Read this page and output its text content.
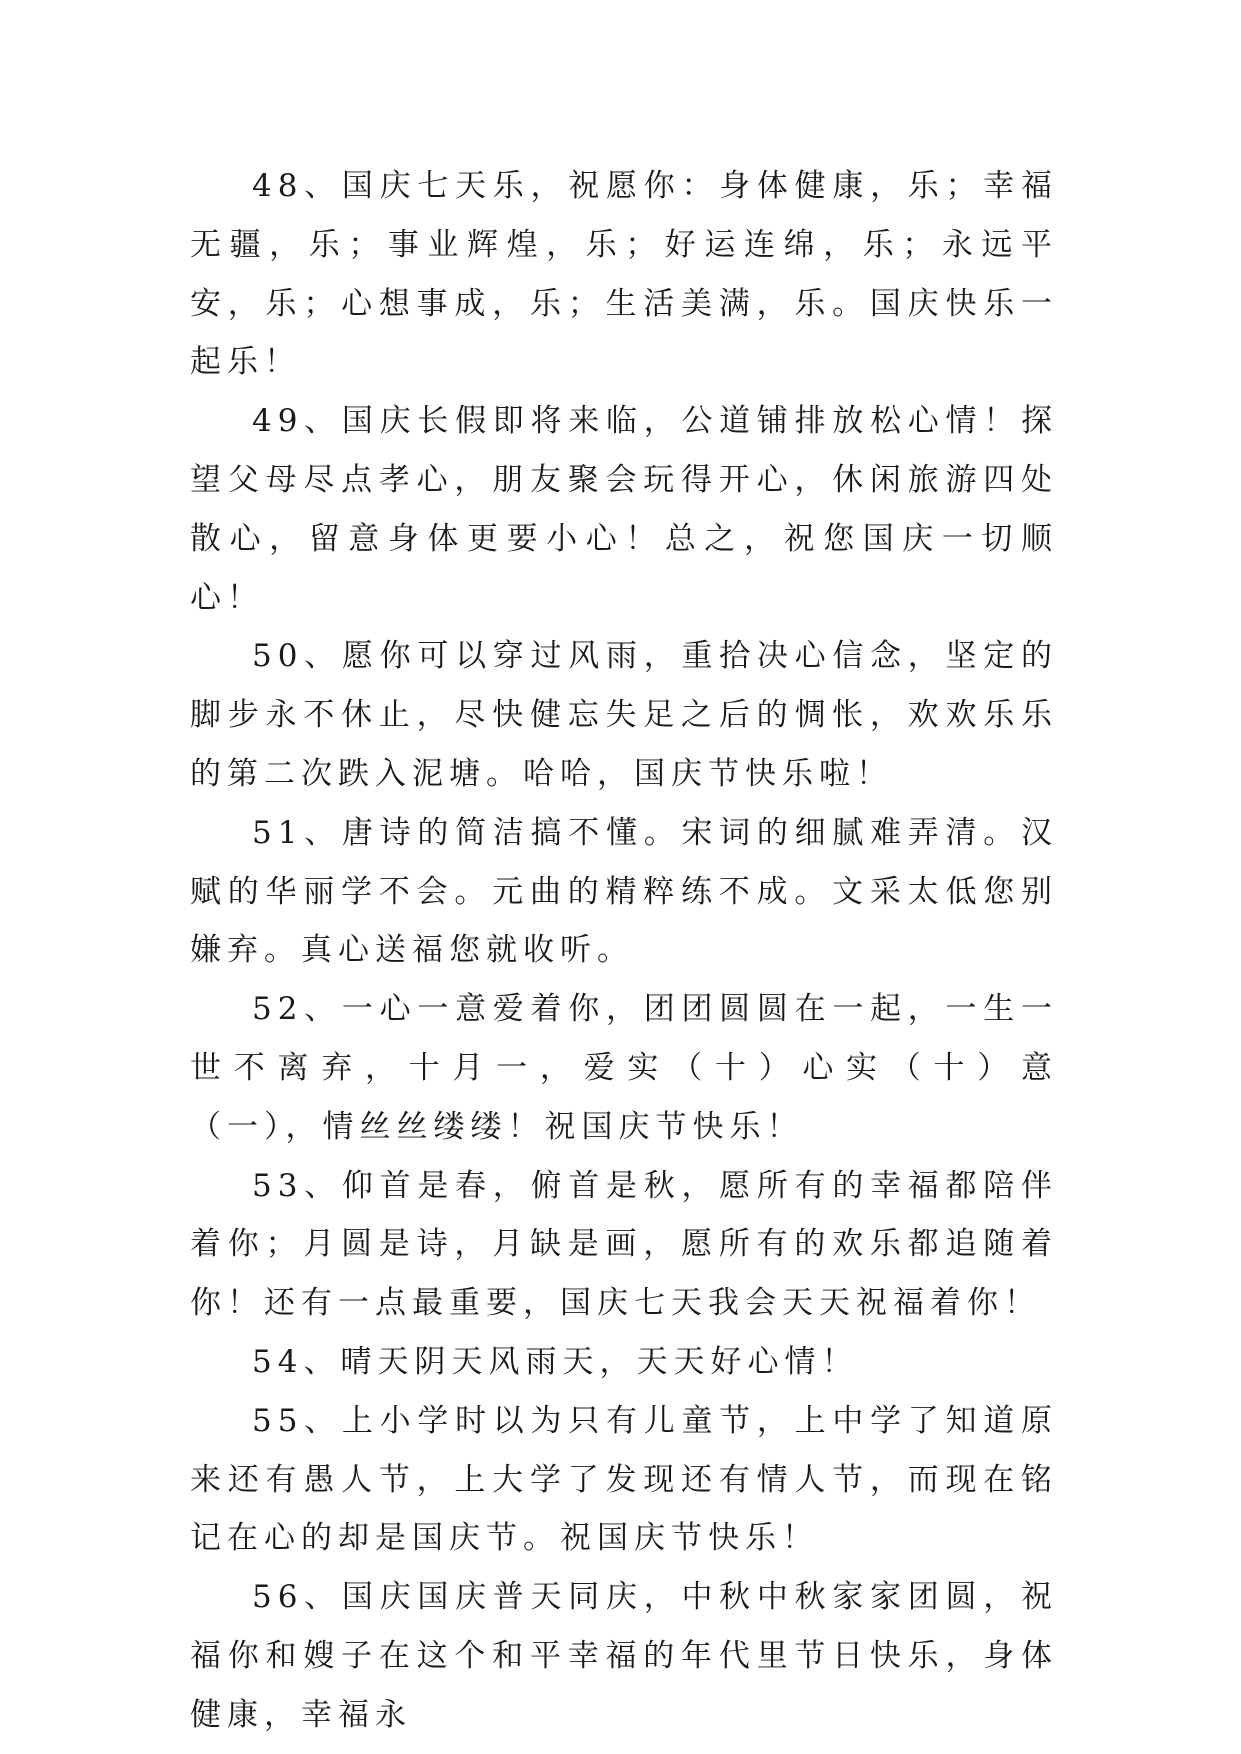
48、国庆七天乐，祝愿你：身体健康，乐；幸福无疆，乐；事业辉煌，乐；好运连绵，乐；永远平安，乐；心想事成，乐；生活美满，乐。国庆快乐一起乐！

49、国庆长假即将来临，公道铺排放松心情！探望父母尽点孝心，朋友聚会玩得开心，休闲旅游四处散心，留意身体更要小心！总之，祝您国庆一切顺心！

50、愿你可以穿过风雨，重拾决心信念，坚定的脚步永不休止，尽快健忘失足之后的惆怅，欢欢乐乐的第二次跌入泥塘。哈哈，国庆节快乐啦！

51、唐诗的简洁搞不懂。宋词的细腻难弄清。汉赋的华丽学不会。元曲的精粹练不成。文采太低您别嫌弃。真心送福您就收听。

52、一心一意爱着你，团团圆圆在一起，一生一世不离弃，十月一，爱实（十）心实（十）意（一），情丝丝缕缕！祝国庆节快乐！

53、仰首是春，俯首是秋，愿所有的幸福都陪伴着你；月圆是诗，月缺是画，愿所有的欢乐都追随着你！还有一点最重要，国庆七天我会天天祝福着你！

54、晴天阴天风雨天，天天好心情！

55、上小学时以为只有儿童节，上中学了知道原来还有愚人节，上大学了发现还有情人节，而现在铭记在心的却是国庆节。祝国庆节快乐！

56、国庆国庆普天同庆，中秋中秋家家团圆，祝福你和嫂子在这个和平幸福的年代里节日快乐，身体健康，幸福永
